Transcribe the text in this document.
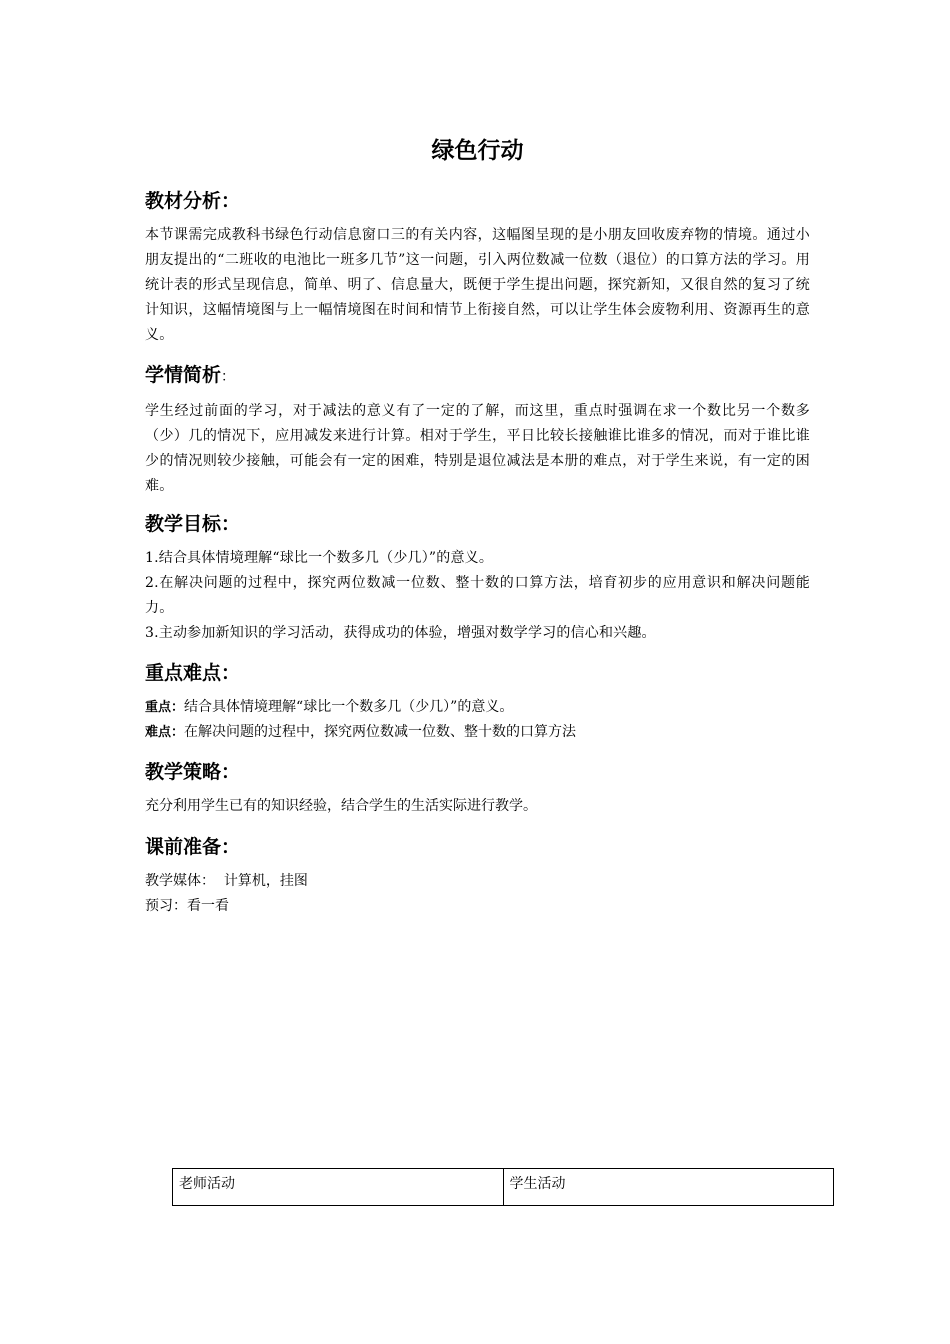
绿色行动
教材分析：

本节课需完成教科书绿色行动信息窗口三的有关内容，这幅图呈现的是小朋友回收废弃物的情境。通过小朋友提出的“二班收的电池比一班多几节”这一问题，引入两位数减一位数（退位）的口算方法的学习。用统计表的形式呈现信息，简单、明了、信息量大，既便于学生提出问题，探究新知，又很自然的复习了统计知识，这幅情境图与上一幅情境图在时间和情节上衔接自然，可以让学生体会废物利用、资源再生的意义。

学情简析：

学生经过前面的学习，对于减法的意义有了一定的了解，而这里，重点时强调在求一个数比另一个数多（少）几的情况下，应用减发来进行计算。相对于学生，平日比较长接触谁比谁多的情况，而对于谁比谁少的情况则较少接触，可能会有一定的困难，特别是退位减法是本册的难点，对于学生来说，有一定的困难。

教学目标：

1.结合具体情境理解“球比一个数多几（少几）”的意义。

2.在解决问题的过程中，探究两位数减一位数、整十数的口算方法，培育初步的应用意识和解决问题能力。

3.主动参加新知识的学习活动，获得成功的体验，增强对数学学习的信心和兴趣。

重点难点：

重点：结合具体情境理解“球比一个数多几（少几）”的意义。

难点：在解决问题的过程中，探究两位数减一位数、整十数的口算方法

教学策略：

充分利用学生已有的知识经验，结合学生的生活实际进行教学。

课前准备：

教学媒体：  计算机，挂图

预习：看一看

老师活动	学生活动
